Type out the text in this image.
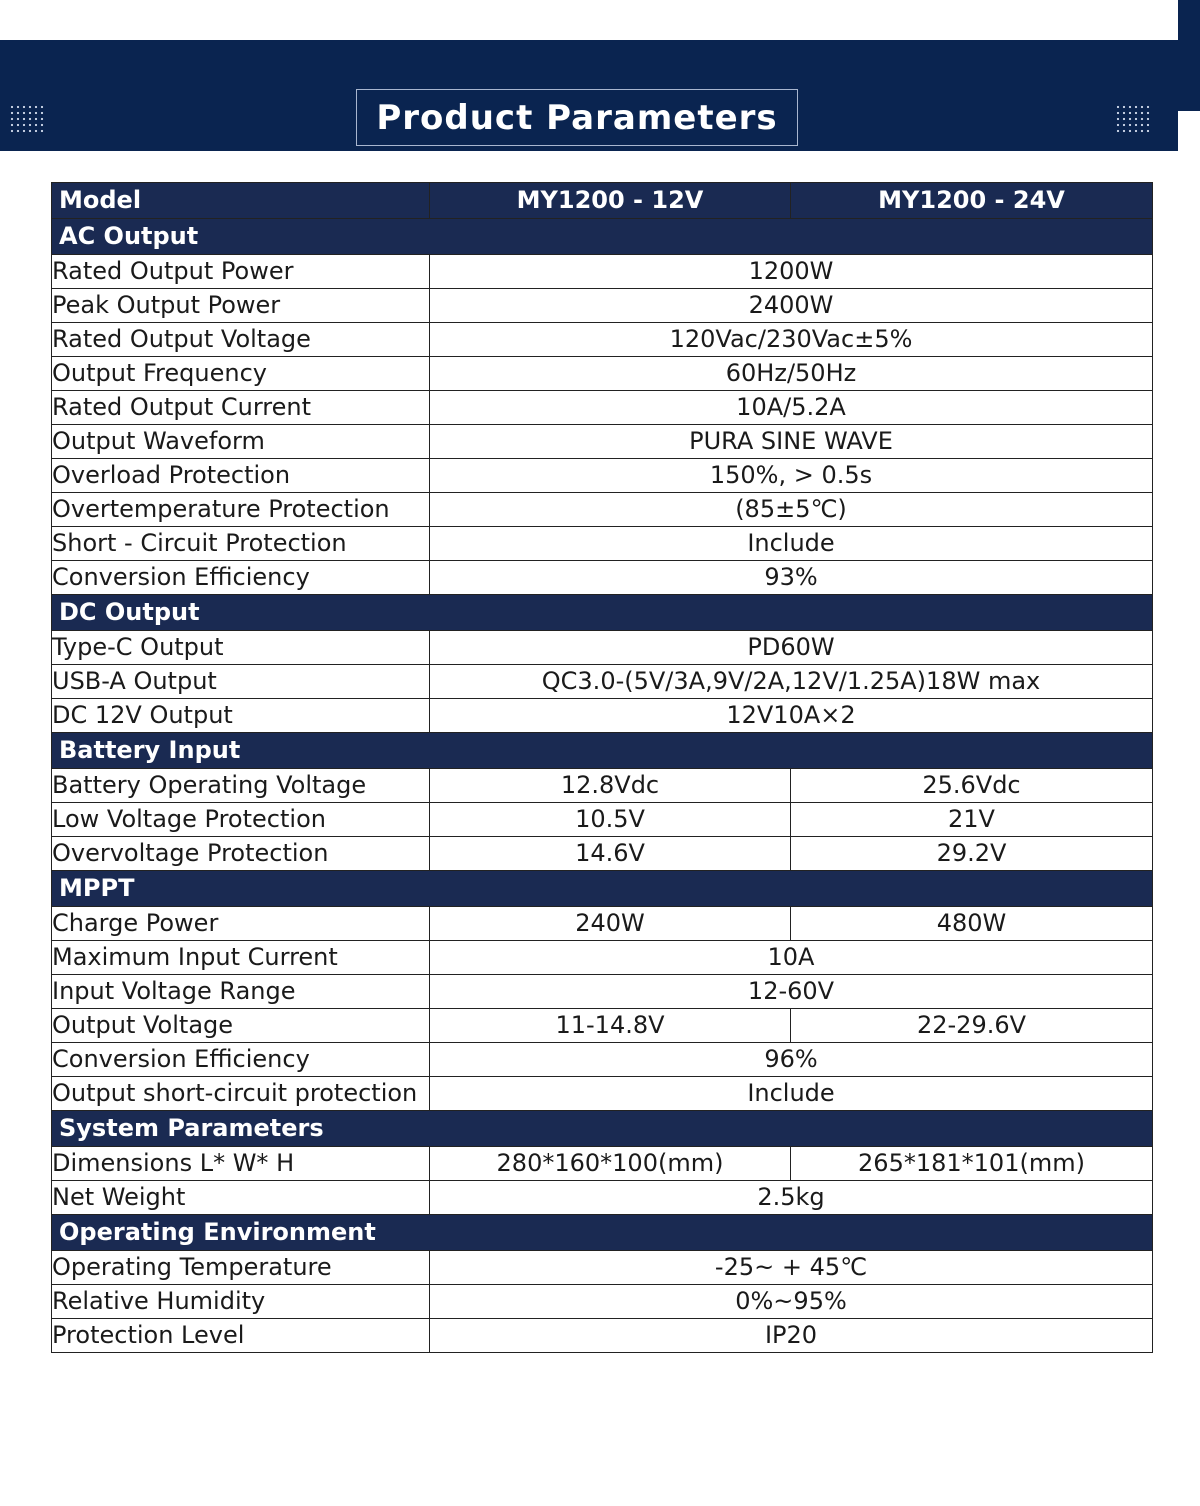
Product Parameters
Model	MY1200 - 12V	MY1200 - 24V
AC Output		
Rated Output Power	1200W	
Peak Output Power	2400W	
Rated Output Voltage	120Vac/230Vac±5%	
Output Frequency	60Hz/50Hz	
Rated Output Current	10A/5.2A	
Output Waveform	PURA SINE WAVE	
Overload Protection	150%, > 0.5s	
Overtemperature Protection	(85±5℃)	
Short - Circuit Protection	Include	
Conversion Efficiency	93%	
DC Output		
Type-C Output	PD60W	
USB-A Output	QC3.0-(5V/3A,9V/2A,12V/1.25A)18W max	
DC 12V Output	12V10A×2	
Battery Input		
Battery Operating Voltage	12.8Vdc	25.6Vdc
Low Voltage Protection	10.5V	21V
Overvoltage Protection	14.6V	29.2V
MPPT		
Charge Power	240W	480W
Maximum Input Current	10A	
Input Voltage Range	12-60V	
Output Voltage	11-14.8V	22-29.6V
Conversion Efficiency	96%	
Output short-circuit protection	Include	
System Parameters		
Dimensions L* W* H	280*160*100(mm)	265*181*101(mm)
Net Weight	2.5kg	
Operating Environment		
Operating Temperature	-25~ + 45℃	
Relative Humidity	0%~95%	
Protection Level	IP20	
